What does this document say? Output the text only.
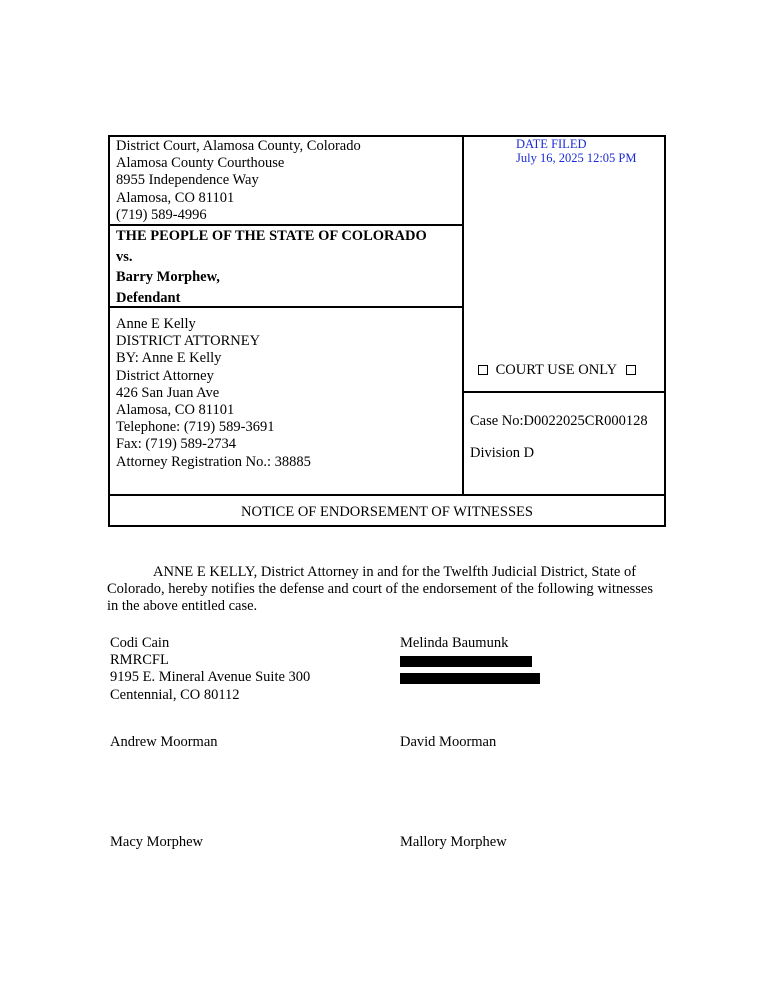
District Court, Alamosa County, Colorado
Alamosa County Courthouse
8955 Independence Way
Alamosa, CO 81101
(719) 589-4996
THE PEOPLE OF THE STATE OF COLORADO
vs.
Barry Morphew,
Defendant
Anne E Kelly
DISTRICT ATTORNEY
BY: Anne E Kelly
District Attorney
426 San Juan Ave
Alamosa, CO 81101
Telephone: (719) 589-3691
Fax: (719) 589-2734
Attorney Registration No.: 38885
DATE FILED
July 16, 2025 12:05 PM
COURT USE ONLY
Case No:D0022025CR000128
Division D
NOTICE OF ENDORSEMENT OF WITNESSES

ANNE E KELLY, District Attorney in and for the Twelfth Judicial District, State of Colorado, hereby notifies the defense and court of the endorsement of the following witnesses in the above entitled case.

Codi Cain
RMRCFL
9195 E. Mineral Avenue Suite 300
Centennial, CO 80112
Melinda Baumunk
Andrew Moorman	David Moorman
Macy Morphew	Mallory Morphew
